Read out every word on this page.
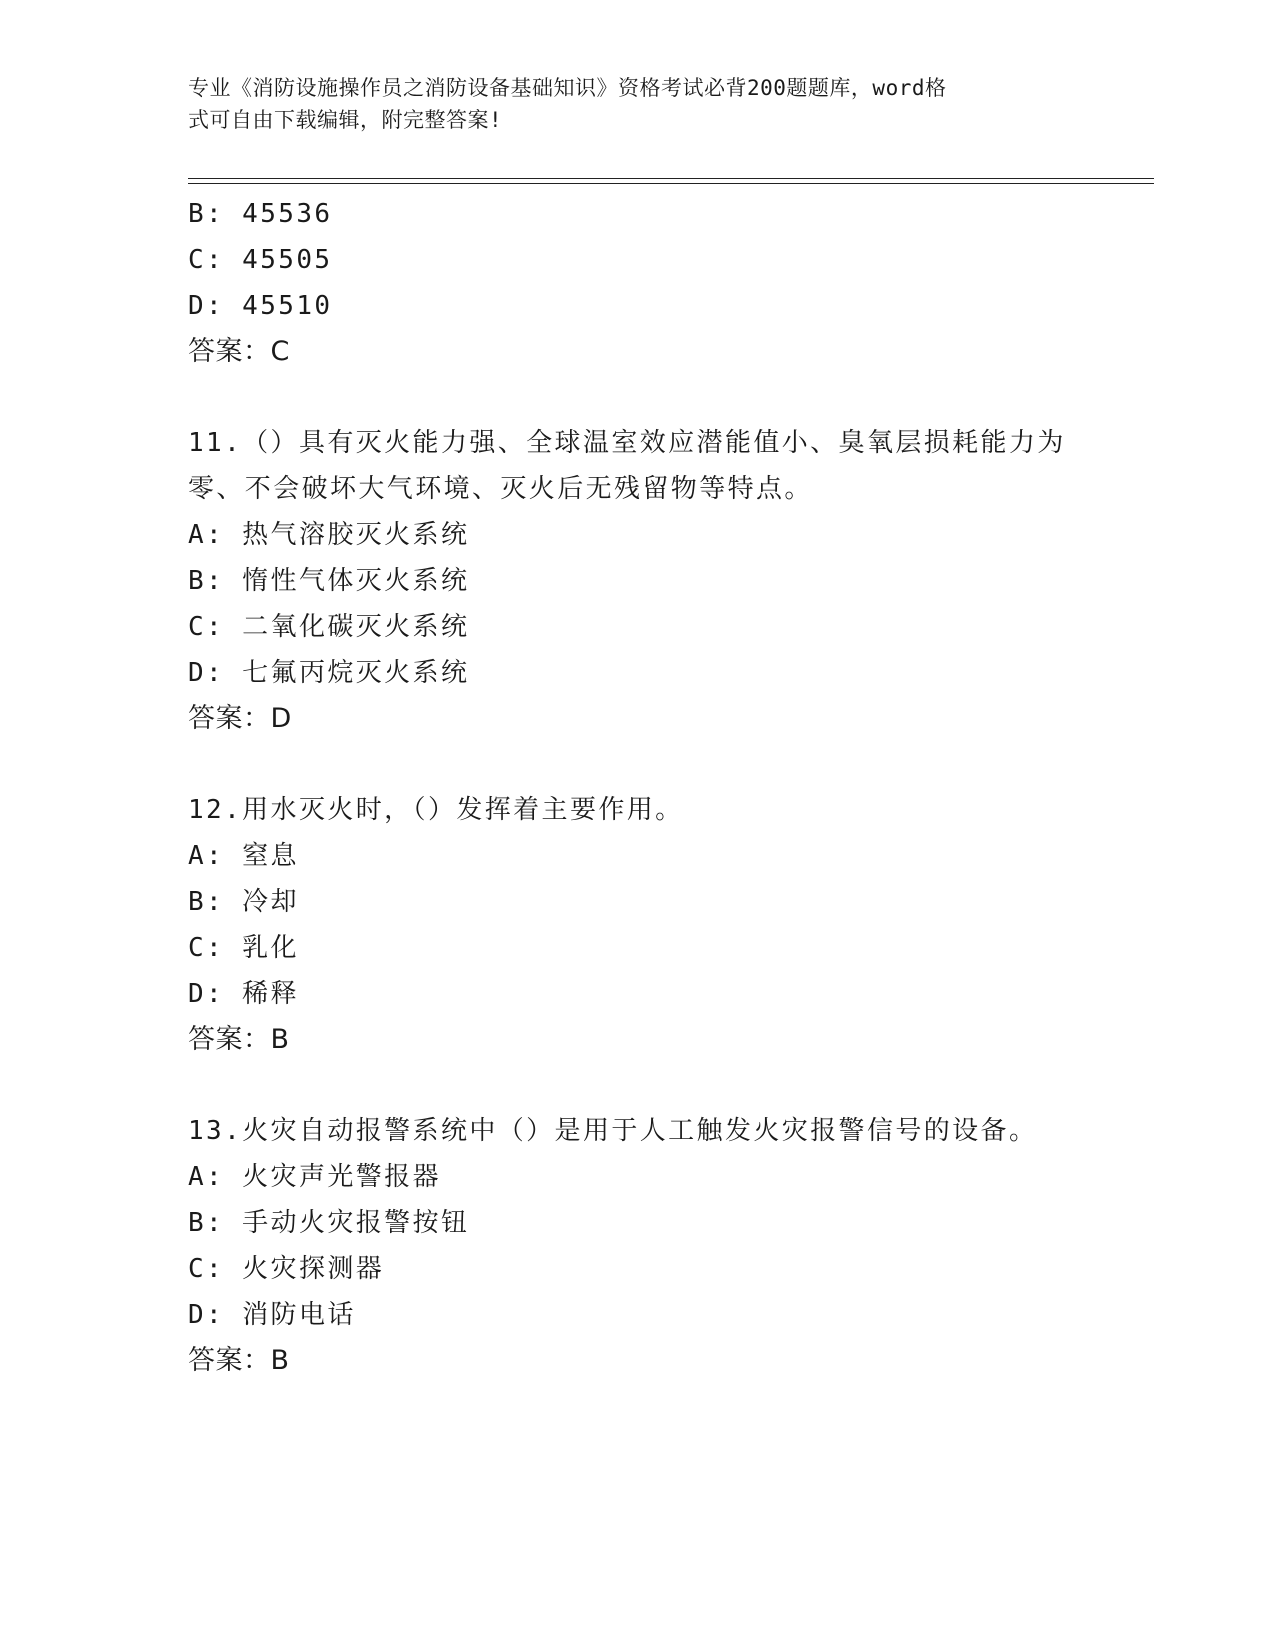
专业《消防设施操作员之消防设备基础知识》资格考试必背200题题库，word格
式可自由下载编辑，附完整答案!
B: 45536
C: 45505
D: 45510
答案：C
11.（）具有灭火能力强、全球温室效应潜能值小、臭氧层损耗能力为
零、不会破坏大气环境、灭火后无残留物等特点。
A: 热气溶胶灭火系统
B: 惰性气体灭火系统
C: 二氧化碳灭火系统
D: 七氟丙烷灭火系统
答案：D
12.用水灭火时，（）发挥着主要作用。
A: 窒息
B: 冷却
C: 乳化
D: 稀释
答案：B
13.火灾自动报警系统中（）是用于人工触发火灾报警信号的设备。
A: 火灾声光警报器
B: 手动火灾报警按钮
C: 火灾探测器
D: 消防电话
答案：B
